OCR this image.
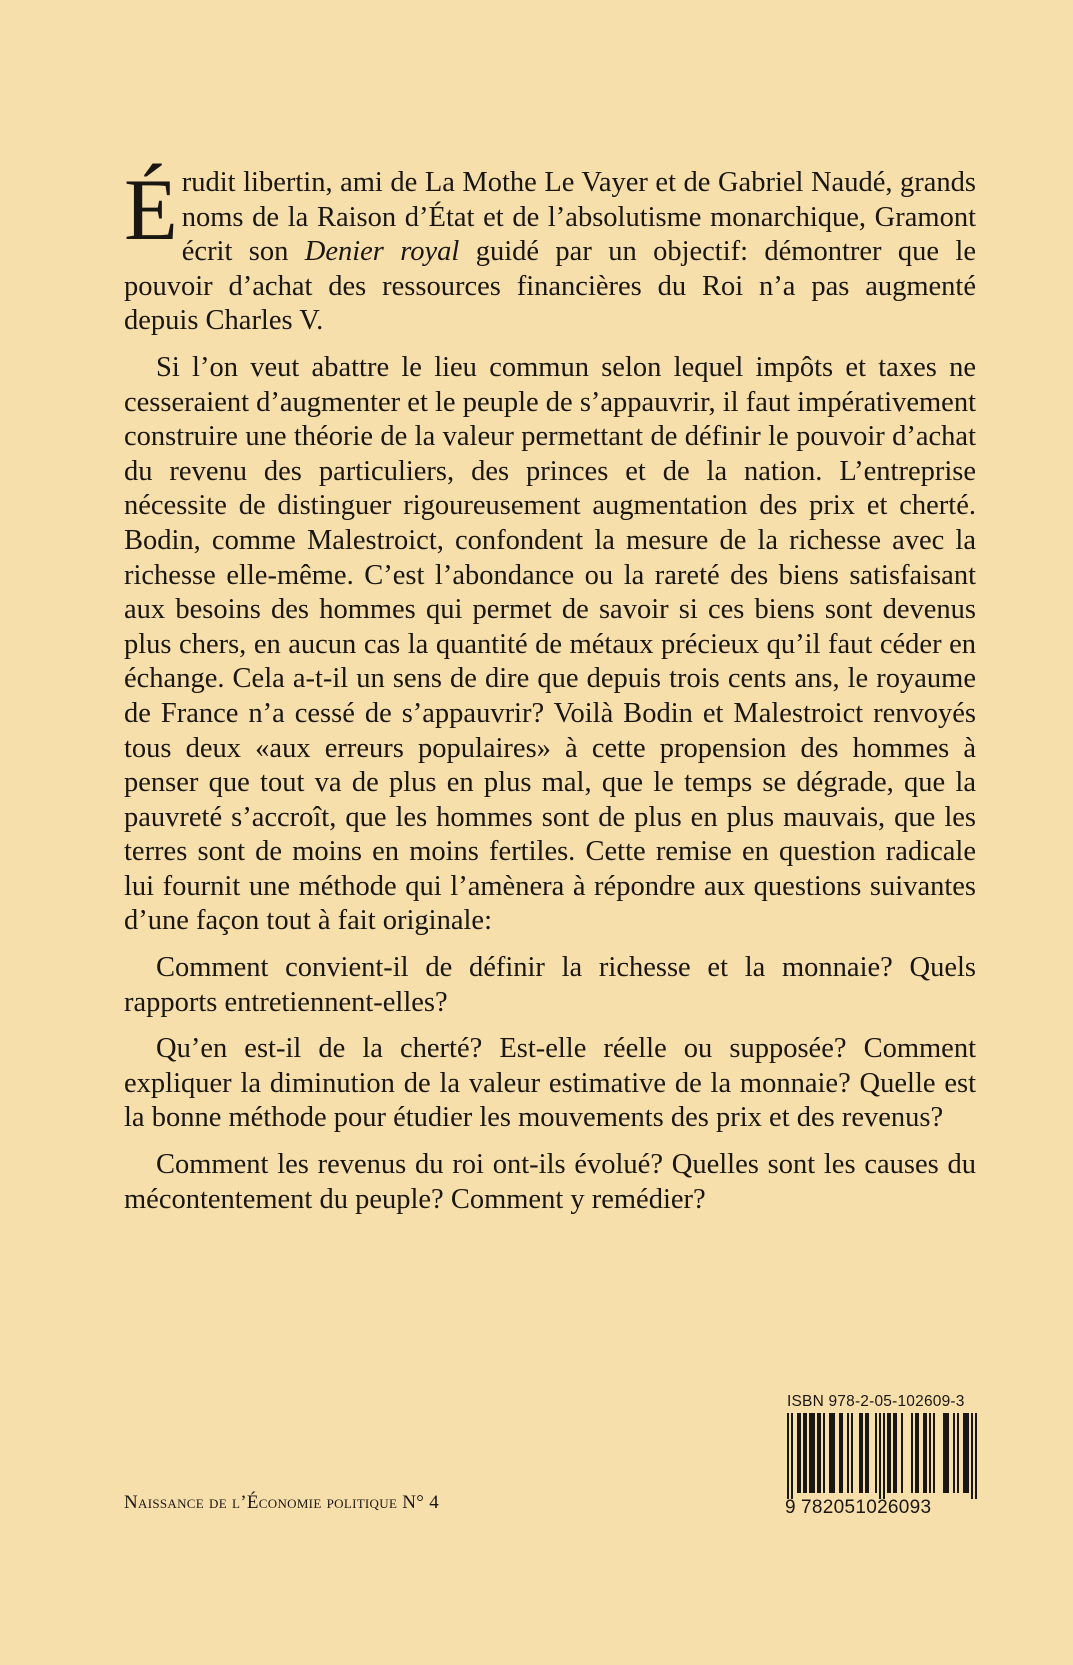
Érudit libertin, ami de La Mothe Le Vayer et de Gabriel Naudé, grands noms de la Raison d’État et de l’absolutisme monarchique, Gramont écrit son Denier royal guidé par un objectif: démontrer que le pouvoir d’achat des ressources financières du Roi n’a pas augmenté depuis Charles V.

Si l’on veut abattre le lieu commun selon lequel impôts et taxes ne cesseraient d’augmenter et le peuple de s’appauvrir, il faut impérativement construire une théorie de la valeur permettant de définir le pouvoir d’achat du revenu des particuliers, des princes et de la nation. L’entreprise nécessite de distinguer rigoureusement augmentation des prix et cherté. Bodin, comme Malestroict, confondent la mesure de la richesse avec la richesse elle-même. C’est l’abondance ou la rareté des biens satisfaisant aux besoins des hommes qui permet de savoir si ces biens sont devenus plus chers, en aucun cas la quantité de métaux précieux qu’il faut céder en échange. Cela a-t-il un sens de dire que depuis trois cents ans, le royaume de France n’a cessé de s’appauvrir? Voilà Bodin et Malestroict renvoyés tous deux «aux erreurs populaires» à cette propension des hommes à penser que tout va de plus en plus mal, que le temps se dégrade, que la pauvreté s’accroît, que les hommes sont de plus en plus mauvais, que les terres sont de moins en moins fertiles. Cette remise en question radicale lui fournit une méthode qui l’amènera à répondre aux questions suivantes d’une façon tout à fait originale:

Comment convient-il de définir la richesse et la monnaie? Quels rapports entretiennent-elles?

Qu’en est-il de la cherté? Est-elle réelle ou supposée? Comment expliquer la diminution de la valeur estimative de la monnaie? Quelle est la bonne méthode pour étudier les mouvements des prix et des revenus?

Comment les revenus du roi ont-ils évolué? Quelles sont les causes du mécontentement du peuple? Comment y remédier?

Naissance de l’Économie politique N° 4
ISBN 978-2-05-102609-3
9 782051026093
